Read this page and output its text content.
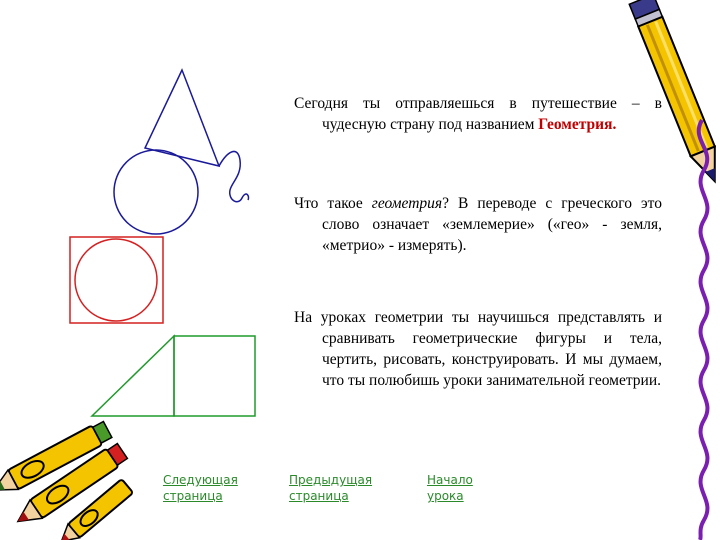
Сегодня ты отправляешься в путешествие – в чудесную страну под названием Геометрия.
Что такое геометрия? В переводе с греческого это слово означает «землемерие» («гео» - земля, «метрио» - измерять).
На уроках геометрии ты научишься представлять и сравнивать геометрические фигуры и тела, чертить, рисовать, конструировать. И мы думаем, что ты полюбишь уроки занимательной геометрии.
Следующая
страница
Предыдущая
страница
Начало
урока
